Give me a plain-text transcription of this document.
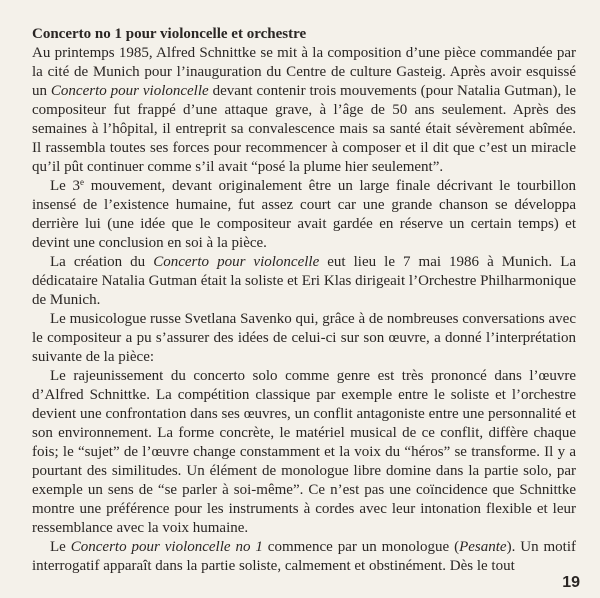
Concerto no 1 pour violoncelle et orchestre

Au printemps 1985, Alfred Schnittke se mit à la composition d’une pièce commandée par la cité de Munich pour l’inauguration du Centre de culture Gasteig. Après avoir esquissé un Concerto pour violoncelle devant contenir trois mouvements (pour Natalia Gutman), le compositeur fut frappé d’une attaque grave, à l’âge de 50 ans seulement. Après des semaines à l’hôpital, il entreprit sa convalescence mais sa santé était sévèrement abîmée. Il rassembla toutes ses forces pour recommencer à composer et il dit que c’est un miracle qu’il pût continuer comme s’il avait “posé la plume hier seulement”.

Le 3e mouvement, devant originalement être un large finale décrivant le tourbillon insensé de l’existence humaine, fut assez court car une grande chanson se développa derrière lui (une idée que le compositeur avait gardée en réserve un certain temps) et devint une conclusion en soi à la pièce.

La création du Concerto pour violoncelle eut lieu le 7 mai 1986 à Munich. La dédicataire Natalia Gutman était la soliste et Eri Klas dirigeait l’Orchestre Philharmonique de Munich.

Le musicologue russe Svetlana Savenko qui, grâce à de nombreuses conversations avec le compositeur a pu s’assurer des idées de celui-ci sur son œuvre, a donné l’interprétation suivante de la pièce:

Le rajeunissement du concerto solo comme genre est très prononcé dans l’œuvre d’Alfred Schnittke. La compétition classique par exemple entre le soliste et l’orchestre devient une confrontation dans ses œuvres, un conflit antagoniste entre une personnalité et son environnement. La forme concrète, le matériel musical de ce conflit, diffère chaque fois; le “sujet” de l’œuvre change constamment et la voix du “héros” se transforme. Il y a pourtant des similitudes. Un élément de monologue libre domine dans la partie solo, par exemple un sens de “se parler à soi-même”. Ce n’est pas une coïncidence que Schnittke montre une préférence pour les instruments à cordes avec leur intonation flexible et leur ressemblance avec la voix humaine.

Le Concerto pour violoncelle no 1 commence par un monologue (Pesante). Un motif interrogatif apparaît dans la partie soliste, calmement et obstinément. Dès le tout

19
